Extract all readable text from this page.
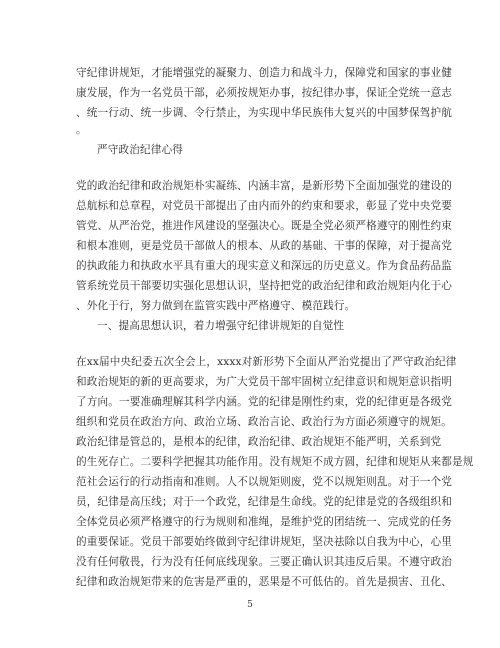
守纪律讲规矩，才能增强党的凝聚力、创造力和战斗力，保障党和国家的事业健
康发展，作为一名党员干部，必须按规矩办事，按纪律办事，保证全党统一意志
、统一行动、统一步调、令行禁止，为实现中华民族伟大复兴的中国梦保驾护航
。
严守政治纪律心得
党的政治纪律和政治规矩朴实凝练、内涵丰富，是新形势下全面加强党的建设的
总航标和总章程，对党员干部提出了由内而外的约束和要求，彰显了党中央党要
管党、从严治党，推进作风建设的坚强决心。既是全党必须严格遵守的刚性约束
和根本准则，更是党员干部做人的根本、从政的基础、干事的保障，对于提高党
的执政能力和执政水平具有重大的现实意义和深远的历史意义。作为食品药品监
管系统党员干部要切实强化思想认识，坚持把党的政治纪律和政治规矩内化于心
、外化于行，努力做到在监管实践中严格遵守、模范践行。
一、提高思想认识，着力增强守纪律讲规矩的自觉性
在xx届中央纪委五次全会上，xxxx对新形势下全面从严治党提出了严守政治纪律
和政治规矩的新的更高要求，为广大党员干部牢固树立纪律意识和规矩意识指明
了方向。一要准确理解其科学内涵。党的纪律是刚性约束，党的纪律更是各级党
组织和党员在政治方向、政治立场、政治言论、政治行为方面必须遵守的规矩。
政治纪律是管总的，是根本的纪律，政治纪律、政治规矩不能严明，关系到党
的生死存亡。二要科学把握其功能作用。没有规矩不成方圆，纪律和规矩从来都是规
范社会运行的行动指南和准则。人不以规矩则废，党不以规矩则乱。对于一个党
员，纪律是高压线；对于一个政党，纪律是生命线。党的纪律是党的各级组织和
全体党员必须严格遵守的行为规则和准绳，是维护党的团结统一、完成党的任务
的重要保证。党员干部要始终做到守纪律讲规矩，坚决祛除以自我为中心，心里
没有任何敬畏，行为没有任何底线现象。三要正确认识其违反后果。不遵守政治
纪律和政治规矩带来的危害是严重的，恶果是不可低估的。首先是损害、丑化、
5
